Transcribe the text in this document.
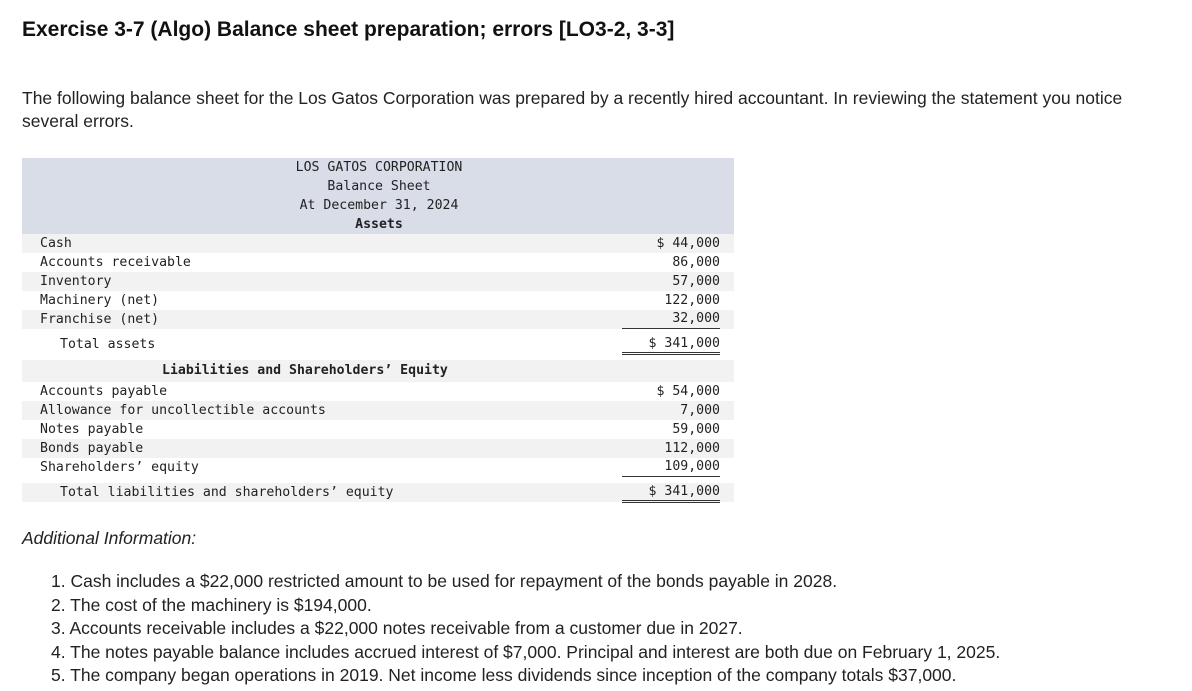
Exercise 3-7 (Algo) Balance sheet preparation; errors [LO3-2, 3-3]

The following balance sheet for the Los Gatos Corporation was prepared by a recently hired accountant. In reviewing the statement you notice several errors.

LOS GATOS CORPORATION
Balance Sheet
At December 31, 2024
Assets
Cash	$ 44,000
Accounts receivable	86,000
Inventory	57,000
Machinery (net)	122,000
Franchise (net)	32,000
Total assets	$ 341,000
Liabilities and Shareholders’ Equity
Accounts payable	$ 54,000
Allowance for uncollectible accounts	7,000
Notes payable	59,000
Bonds payable	112,000
Shareholders’ equity	109,000
Total liabilities and shareholders’ equity	$ 341,000

Additional Information:

1. Cash includes a $22,000 restricted amount to be used for repayment of the bonds payable in 2028.
2. The cost of the machinery is $194,000.
3. Accounts receivable includes a $22,000 notes receivable from a customer due in 2027.
4. The notes payable balance includes accrued interest of $7,000. Principal and interest are both due on February 1, 2025.
5. The company began operations in 2019. Net income less dividends since inception of the company totals $37,000.
